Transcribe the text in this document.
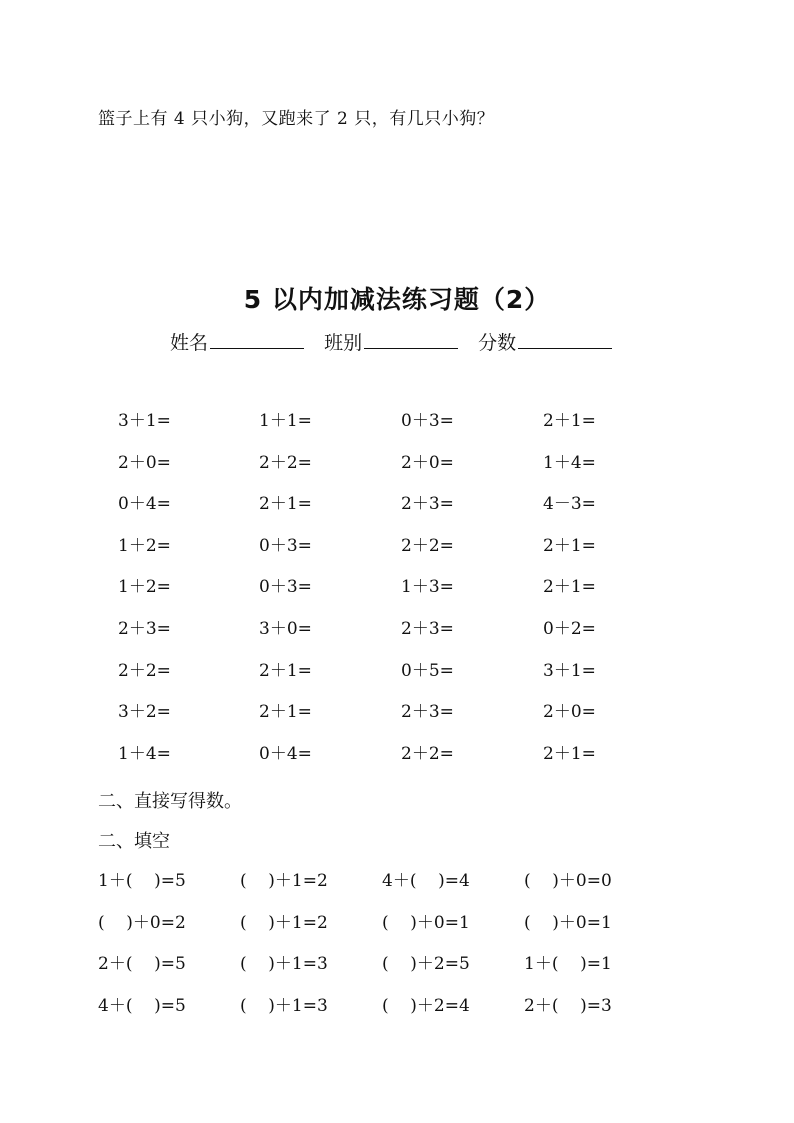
篮子上有 4 只小狗，又跑来了 2 只，有几只小狗？
5 以内加减法练习题（2）
姓名	班别	分数
3＋1=	1＋1=	0＋3=	2＋1=
2＋0=	2＋2=	2＋0=	1＋4=
0＋4=	2＋1=	2＋3=	4－3=
1＋2=	0＋3=	2＋2=	2＋1=
1＋2=	0＋3=	1＋3=	2＋1=
2＋3=	3＋0=	2＋3=	0＋2=
2＋2=	2＋1=	0＋5=	3＋1=
3＋2=	2＋1=	2＋3=	2＋0=
1＋4=	0＋4=	2＋2=	2＋1=
二、直接写得数。
二、填空
1＋(    )=5	(    )＋1=2	4＋(    )=4	(    )＋0=0
(    )＋0=2	(    )＋1=2	(    )＋0=1	(    )＋0=1
2＋(    )=5	(    )＋1=3	(    )＋2=5	1＋(    )=1
4＋(    )=5	(    )＋1=3	(    )＋2=4	2＋(    )=3
